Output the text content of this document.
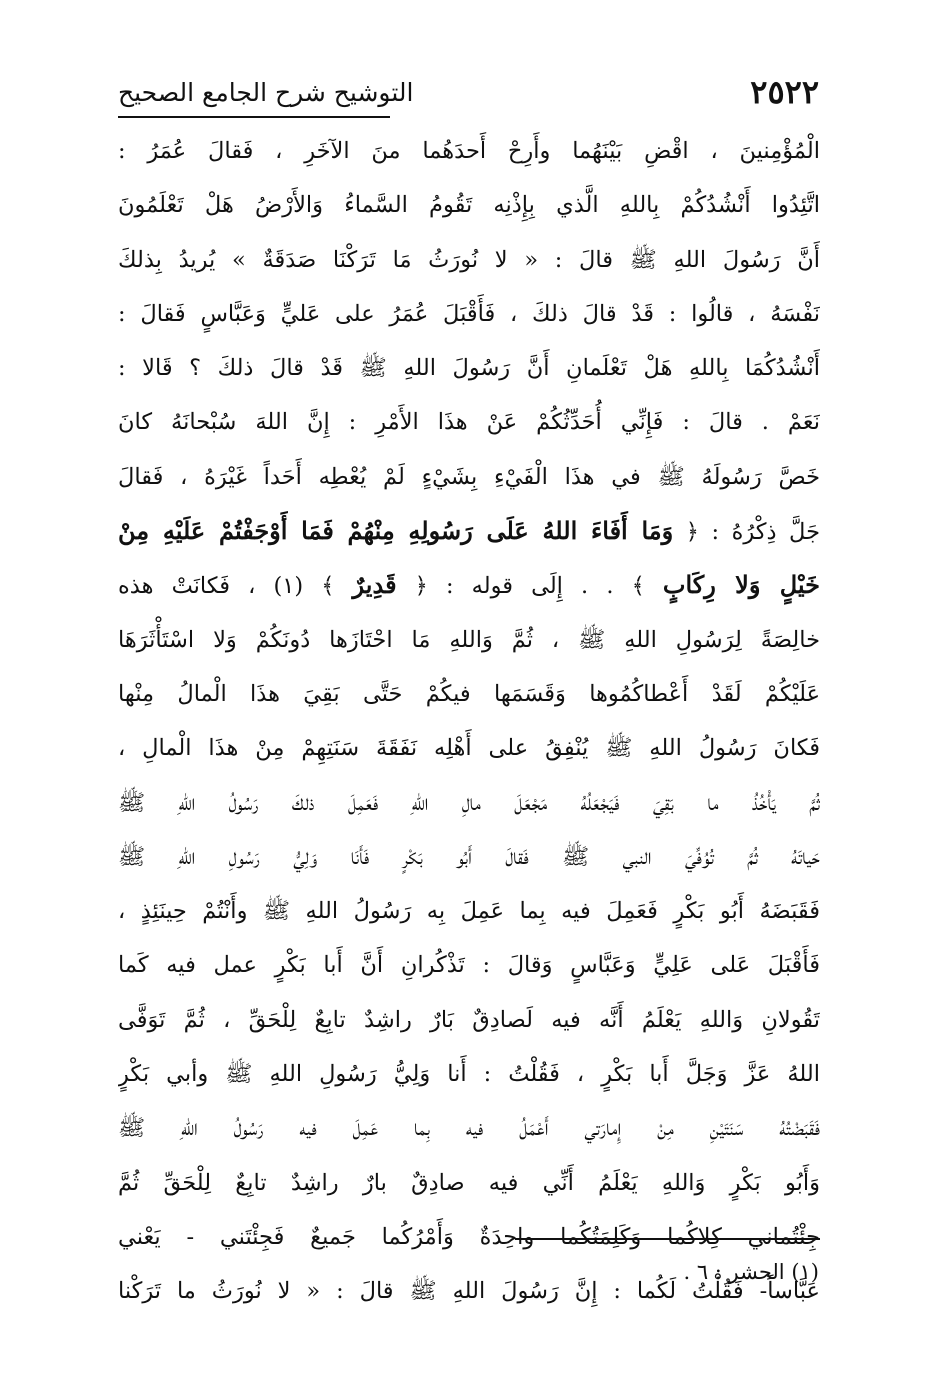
٢٥٢٢
التوشيح شرح الجامع الصحيح
الْمُؤْمِنينَ ، اقْضِ بَيْنَهُما وأَرِحْ أَحدَهُما منَ الآخَرِ ، فَقالَ عُمَرُ :
اتَّئِدُوا أَنْشُدُكُمْ بِاللهِ الَّذي بِإِذْنِه تَقُومُ السَّماءُ وَالأَرْضُ هَلْ تَعْلَمُونَ
أَنَّ رَسُولَ اللهِ ﷺ قالَ : « لا نُورَثُ مَا تَرَكْنَا صَدَقَةٌ » يُريدُ بِذلكَ
نَفْسَهُ ، قالُوا : قَدْ قالَ ذلكَ ، فَأَقْبَلَ عُمَرُ على عَليٍّ وَعَبَّاسٍ فَقالَ :
أَنْشُدُكُمَا بِاللهِ هَلْ تَعْلَمانِ أَنَّ رَسُولَ اللهِ ﷺ قَدْ قالَ ذلكَ ؟ قَالا :
نَعَمْ . قالَ : فَإِنِّي أُحَدِّثُكُمْ عَنْ هذَا الأَمْرِ : إِنَّ اللهَ سُبْحانَهُ كانَ
خَصَّ رَسُولَهُ ﷺ في هذَا الْفَيْءِ بِشَيْءٍ لَمْ يُعْطِه أَحَداً غَيْرَهُ ، فَقالَ
جَلَّ ذِكْرُهُ : ﴿ وَمَا أَفَاءَ اللهُ عَلَى رَسُولِهِ مِنْهُمْ فَمَا أَوْجَفْتُمْ عَلَيْهِ مِنْ
خَيْلٍ وَلا رِكَابٍ ﴾ . . إِلَى قوله : ﴿ قَدِيرٌ ﴾ (١) ، فَكانَتْ هذه
خالِصَةً لِرَسُولِ اللهِ ﷺ ، ثُمَّ وَاللهِ مَا احْتَازَها دُونَكُمْ وَلا اسْتَأْثَرَهَا
عَلَيْكُمْ لَقَدْ أَعْطاكُمُوها وَقَسَمَها فيكُمْ حَتَّى بَقِيَ هذَا الْمالُ مِنْها
فَكانَ رَسُولُ اللهِ ﷺ يُنْفِقُ على أَهْلِه نَفَقَةَ سَنَتِهِمْ مِنْ هذَا الْمالِ ،
ثُمَّ يَأْخُذُ ما بَقِيَ فَيَجْعَلُهُ مَجْعَلَ مالِ اللهِ فَعَمِلَ ذلكَ رَسُولُ اللهِ ﷺ
حَياتَهُ ثُمَّ تُوُفِّيَ النبي ﷺ فَقالَ أَبُو بَكْرٍ فَأَنَا وَلِيُّ رَسُولِ اللهِ ﷺ
فَقَبَضَهُ أَبُو بَكْرٍ فَعَمِلَ فيه بِما عَمِلَ بِه رَسُولُ اللهِ ﷺ وأَنْتُمْ حِينَئِذٍ ،
فَأَقْبَلَ عَلى عَلِيٍّ وَعَبَّاسٍ وَقالَ : تَذْكُرانِ أَنَّ أَبا بَكْرٍ عمل فيه كَما
تَقُولانِ وَاللهِ يَعْلَمُ أَنَّه فيه لَصادِقٌ بَارٌ راشِدٌ تابِعٌ لِلْحَقِّ ، ثُمَّ تَوَفَّى
اللهُ عَزَّ وَجَلَّ أَبا بَكْرٍ ، فَقُلْتُ : أَنا وَلِيُّ رَسُولِ اللهِ ﷺ وأبي بَكْرٍ
فَقَبَضْتُهُ سَنَتَيْنِ مِنْ إِمارَتي أَعْمَلُ فيه بِما عَمِلَ فيه رَسُولُ اللهِ ﷺ
وَأَبُو بَكْرٍ وَاللهِ يَعْلَمُ أَنِّي فيه صادِقٌ بارٌ راشِدٌ تابِعٌ لِلْحَقِّ ثُمَّ
جِئْتُماني كِلاكُما وَكَلِمَتُكُما واحِدَةٌ وَأَمْرُكُما جَميعٌ فَجِئْتَني - يَعْني
عَبَّاساً- فَقُلْتُ لَكُما : إِنَّ رَسُولَ اللهِ ﷺ قالَ : « لا نُورَثُ ما تَرَكْنا
(١) الحشر : ٦ .
